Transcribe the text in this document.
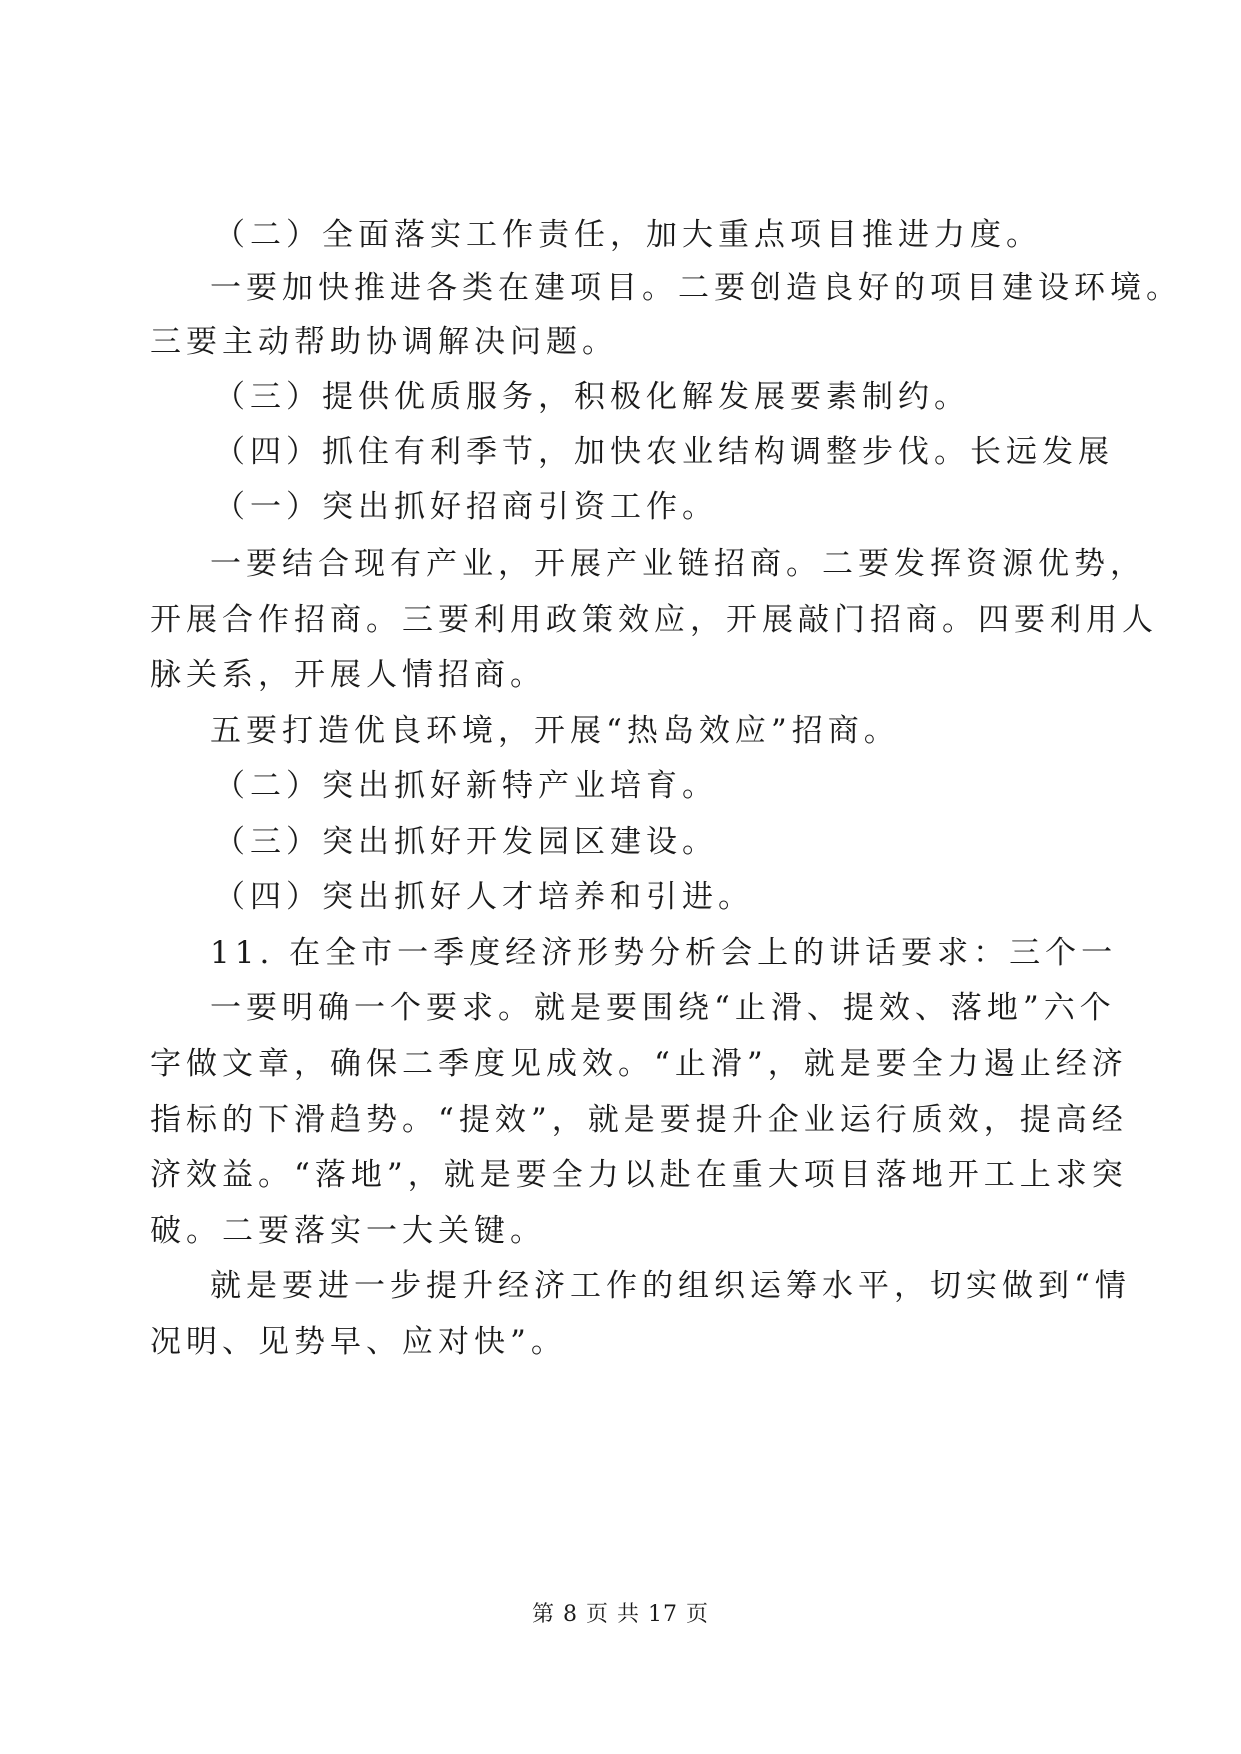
（二）全面落实工作责任，加大重点项目推进力度。
一要加快推进各类在建项目。二要创造良好的项目建设环境。
三要主动帮助协调解决问题。
（三）提供优质服务，积极化解发展要素制约。
（四）抓住有利季节，加快农业结构调整步伐。长远发展
（一）突出抓好招商引资工作。
一要结合现有产业，开展产业链招商。二要发挥资源优势，
开展合作招商。三要利用政策效应，开展敲门招商。四要利用人
脉关系，开展人情招商。
五要打造优良环境，开展“热岛效应”招商。
（二）突出抓好新特产业培育。
（三）突出抓好开发园区建设。
（四）突出抓好人才培养和引进。
11. 在全市一季度经济形势分析会上的讲话要求：三个一
一要明确一个要求。就是要围绕“止滑、提效、落地”六个
字做文章，确保二季度见成效。“止滑”，就是要全力遏止经济
指标的下滑趋势。“提效”，就是要提升企业运行质效，提高经
济效益。“落地”，就是要全力以赴在重大项目落地开工上求突
破。二要落实一大关键。
就是要进一步提升经济工作的组织运筹水平，切实做到“情
况明、见势早、应对快”。
第 8 页 共 17 页
